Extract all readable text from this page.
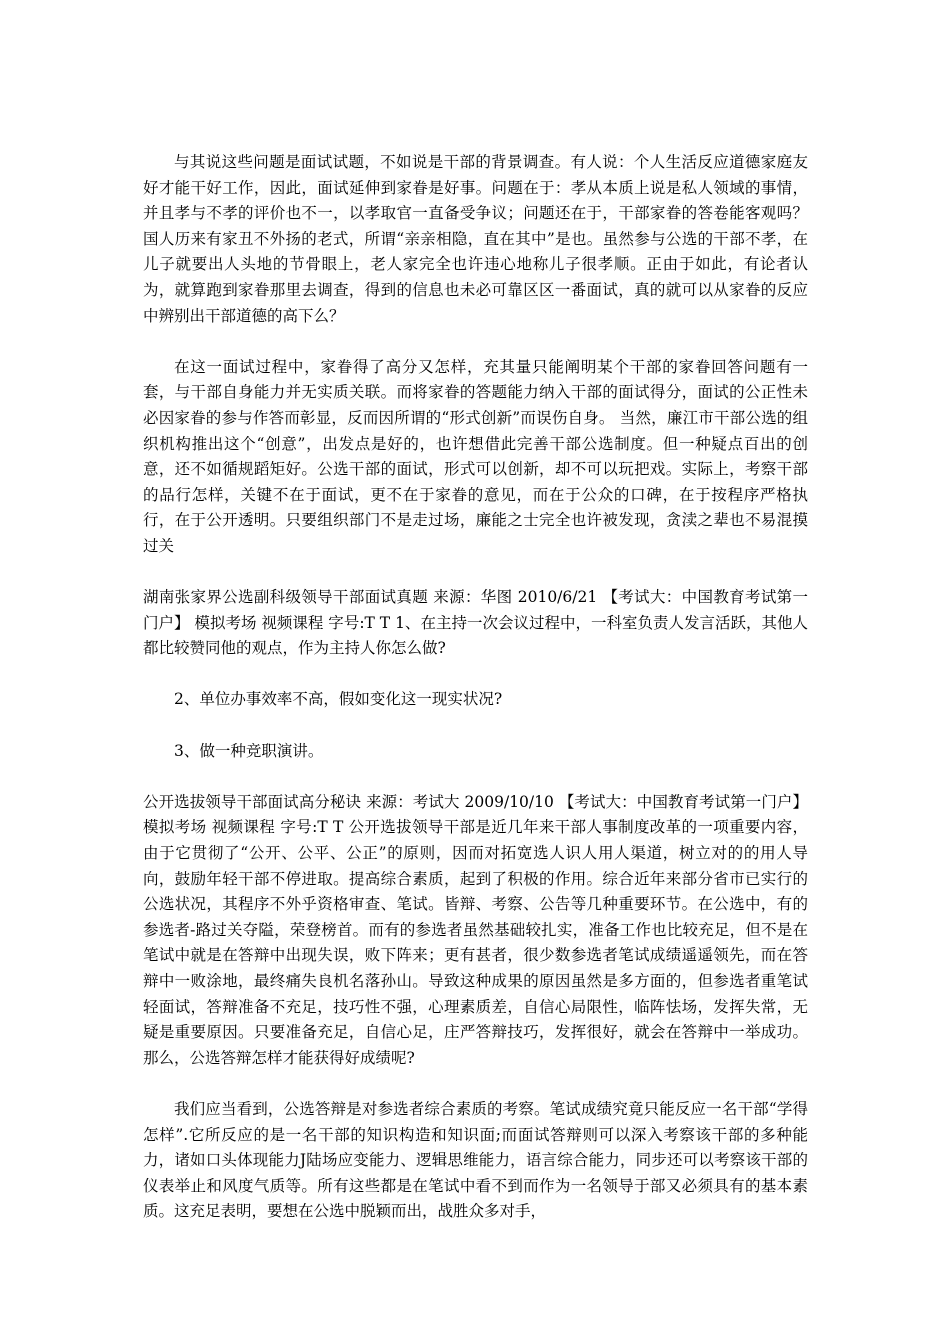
与其说这些问题是面试试题，不如说是干部的背景调查。有人说：个人生活反应道德家庭友好才能干好工作，因此，面试延伸到家眷是好事。问题在于：孝从本质上说是私人领域的事情，并且孝与不孝的评价也不一，以孝取官一直备受争议；问题还在于，干部家眷的答卷能客观吗？国人历来有家丑不外扬的老式，所谓“亲亲相隐，直在其中”是也。虽然参与公选的干部不孝，在儿子就要出人头地的节骨眼上，老人家完全也许违心地称儿子很孝顺。正由于如此，有论者认为，就算跑到家眷那里去调查，得到的信息也未必可靠区区一番面试，真的就可以从家眷的反应中辨别出干部道德的高下么？

在这一面试过程中，家眷得了高分又怎样，充其量只能阐明某个干部的家眷回答问题有一套，与干部自身能力并无实质关联。而将家眷的答题能力纳入干部的面试得分，面试的公正性未必因家眷的参与作答而彰显，反而因所谓的“形式创新”而误伤自身。 当然，廉江市干部公选的组织机构推出这个“创意”，出发点是好的，也许想借此完善干部公选制度。但一种疑点百出的创意，还不如循规蹈矩好。公选干部的面试，形式可以创新，却不可以玩把戏。实际上，考察干部的品行怎样，关键不在于面试，更不在于家眷的意见，而在于公众的口碑，在于按程序严格执行，在于公开透明。只要组织部门不是走过场，廉能之士完全也许被发现，贪渎之辈也不易混摸过关

湖南张家界公选副科级领导干部面试真题 来源：华图 2010/6/21 【考试大：中国教育考试第一门户】 模拟考场 视频课程 字号:T T 1、在主持一次会议过程中，一科室负责人发言活跃，其他人都比较赞同他的观点，作为主持人你怎么做?

2、单位办事效率不高，假如变化这一现实状况?

3、做一种竞职演讲。

公开选拔领导干部面试高分秘诀 来源：考试大 2009/10/10 【考试大：中国教育考试第一门户】 模拟考场 视频课程 字号:T T 公开选拔领导干部是近几年来干部人事制度改革的一项重要内容，由于它贯彻了“公开、公平、公正”的原则，因而对拓宽选人识人用人渠道，树立对的的用人导向，鼓励年轻干部不停进取。提高综合素质，起到了积极的作用。综合近年来部分省市已实行的公选状况，其程序不外乎资格审查、笔试。皆辩、考察、公告等几种重要环节。在公选中，有的参选者-路过关夺隘，荣登榜首。而有的参选者虽然基础较扎实，准备工作也比较充足，但不是在笔试中就是在答辩中出现失误，败下阵来；更有甚者，很少数参选者笔试成绩遥遥领先，而在答辩中一败涂地，最终痛失良机名落孙山。导致这种成果的原因虽然是多方面的，但参选者重笔试轻面试，答辩准备不充足，技巧性不强，心理素质差，自信心局限性，临阵怯场，发挥失常，无疑是重要原因。只要准备充足，自信心足，庄严答辩技巧，发挥很好，就会在答辩中一举成功。那么，公选答辩怎样才能获得好成绩呢?

我们应当看到，公选答辩是对参选者综合素质的考察。笔试成绩究竟只能反应一名干部“学得怎样”.它所反应的是一名干部的知识构造和知识面;而面试答辩则可以深入考察该干部的多种能力，诸如口头体现能力J陆场应变能力、逻辑思维能力，语言综合能力，同步还可以考察该干部的仪表举止和风度气质等。所有这些都是在笔试中看不到而作为一名领导于部又必须具有的基本素质。这充足表明，要想在公选中脱颖而出，战胜众多对手，
